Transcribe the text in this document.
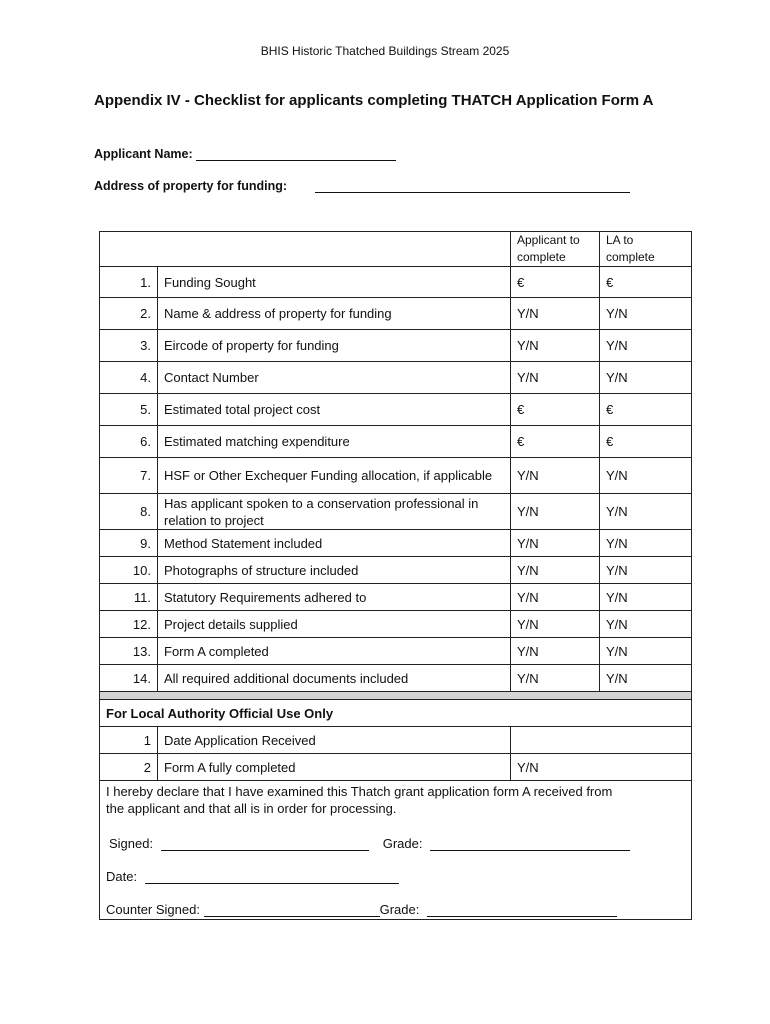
BHIS Historic Thatched Buildings Stream 2025
Appendix IV - Checklist for applicants completing THATCH Application Form A
Applicant Name:
Address of property for funding:
		Applicant to complete	LA to complete
1.	Funding Sought	€	€
2.	Name & address of property for funding	Y/N	Y/N
3.	Eircode of property for funding	Y/N	Y/N
4.	Contact Number	Y/N	Y/N
5.	Estimated total project cost	€	€
6.	Estimated matching expenditure	€	€
7.	HSF or Other Exchequer Funding allocation, if applicable	Y/N	Y/N
8.	Has applicant spoken to a conservation professional in relation to project	Y/N	Y/N
9.	Method Statement included	Y/N	Y/N
10.	Photographs of structure included	Y/N	Y/N
11.	Statutory Requirements adhered to	Y/N	Y/N
12.	Project details supplied	Y/N	Y/N
13.	Form A completed	Y/N	Y/N
14.	All required additional documents included	Y/N	Y/N

For Local Authority Official Use Only			
1	Date Application Received		
2	Form A fully completed	Y/N	

I hereby declare that I have examined this Thatch grant application form A received from
the applicant and that all is in order for processing.
Signed: Grade:
Date:
Counter Signed: Grade:			
